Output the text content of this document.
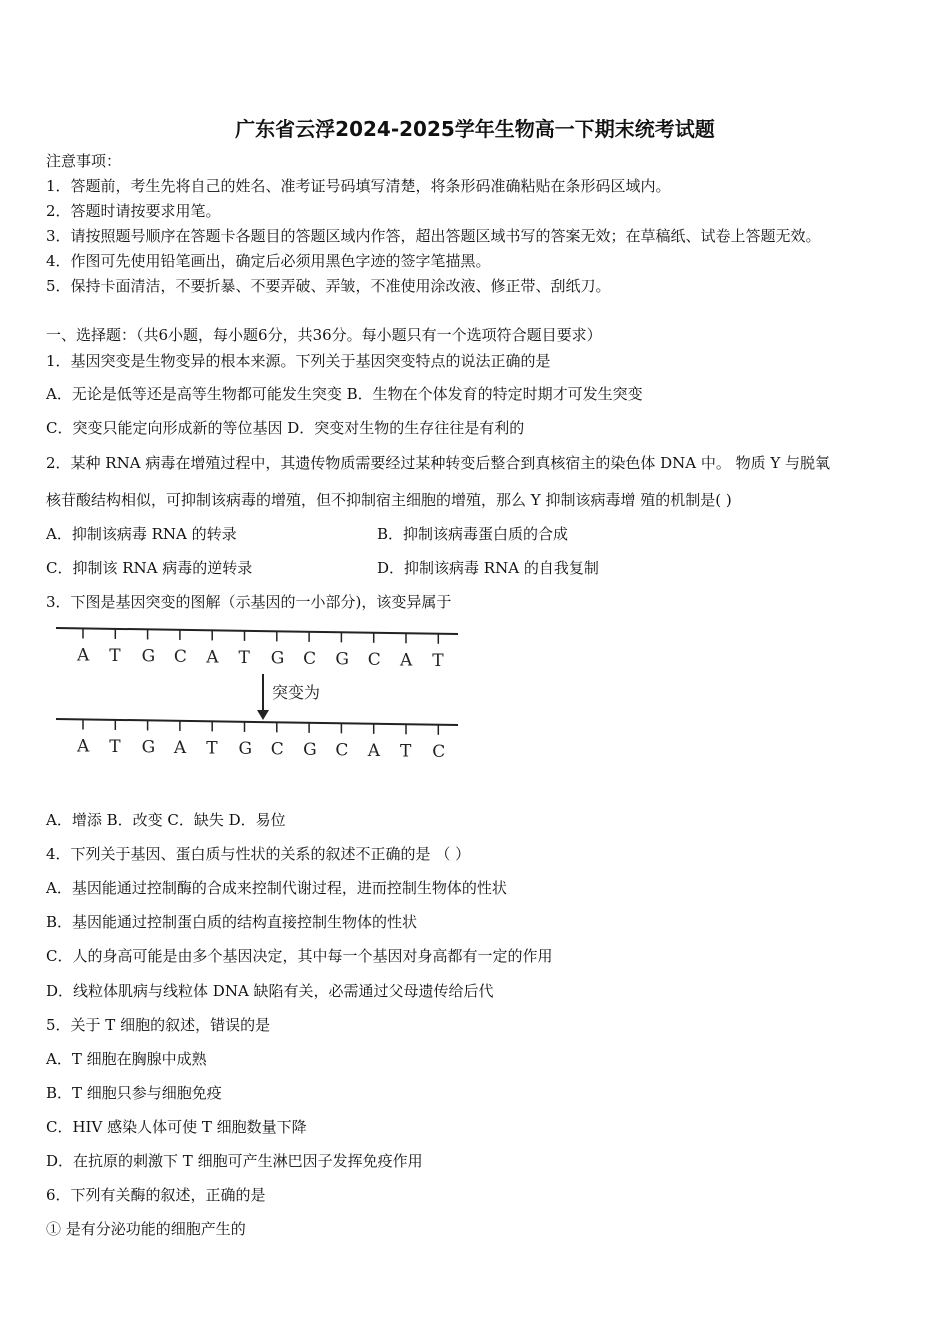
广东省云浮2024-2025学年生物高一下期末统考试题
注意事项：
1．答题前，考生先将自己的姓名、准考证号码填写清楚，将条形码准确粘贴在条形码区域内。
2．答题时请按要求用笔。
3．请按照题号顺序在答题卡各题目的答题区域内作答，超出答题区域书写的答案无效；在草稿纸、试卷上答题无效。
4．作图可先使用铅笔画出，确定后必须用黑色字迹的签字笔描黑。
5．保持卡面清洁，不要折暴、不要弄破、弄皱，不准使用涂改液、修正带、刮纸刀。
一、选择题：（共6小题，每小题6分，共36分。每小题只有一个选项符合题目要求）
1．基因突变是生物变异的根本来源。下列关于基因突变特点的说法正确的是
A．无论是低等还是高等生物都可能发生突变 B．生物在个体发育的特定时期才可发生突变
C．突变只能定向形成新的等位基因 D．突变对生物的生存往往是有利的
2．某种 RNA 病毒在增殖过程中，其遗传物质需要经过某种转变后整合到真核宿主的染色体 DNA 中。 物质 Y 与脱氧
核苷酸结构相似，可抑制该病毒的增殖，但不抑制宿主细胞的增殖，那么 Y 抑制该病毒增 殖的机制是( )
A．抑制该病毒 RNA 的转录	B．抑制该病毒蛋白质的合成
C．抑制该 RNA 病毒的逆转录	D．抑制该病毒 RNA 的自我复制
3．下图是基因突变的图解（示基因的一小部分)，该变异属于
A T G C A T G C G C A T
突变为
A T G A T G C G C A T C
A．增添 B．改变 C．缺失 D．易位
4．下列关于基因、蛋白质与性状的关系的叙述不正确的是 （ ）
A．基因能通过控制酶的合成来控制代谢过程，进而控制生物体的性状
B．基因能通过控制蛋白质的结构直接控制生物体的性状
C．人的身高可能是由多个基因决定，其中每一个基因对身高都有一定的作用
D．线粒体肌病与线粒体 DNA 缺陷有关，必需通过父母遗传给后代
5．关于 T 细胞的叙述，错误的是
A．T 细胞在胸腺中成熟
B．T 细胞只参与细胞免疫
C．HIV 感染人体可使 T 细胞数量下降
D．在抗原的刺激下 T 细胞可产生淋巴因子发挥免疫作用
6．下列有关酶的叙述，正确的是
① 是有分泌功能的细胞产生的
